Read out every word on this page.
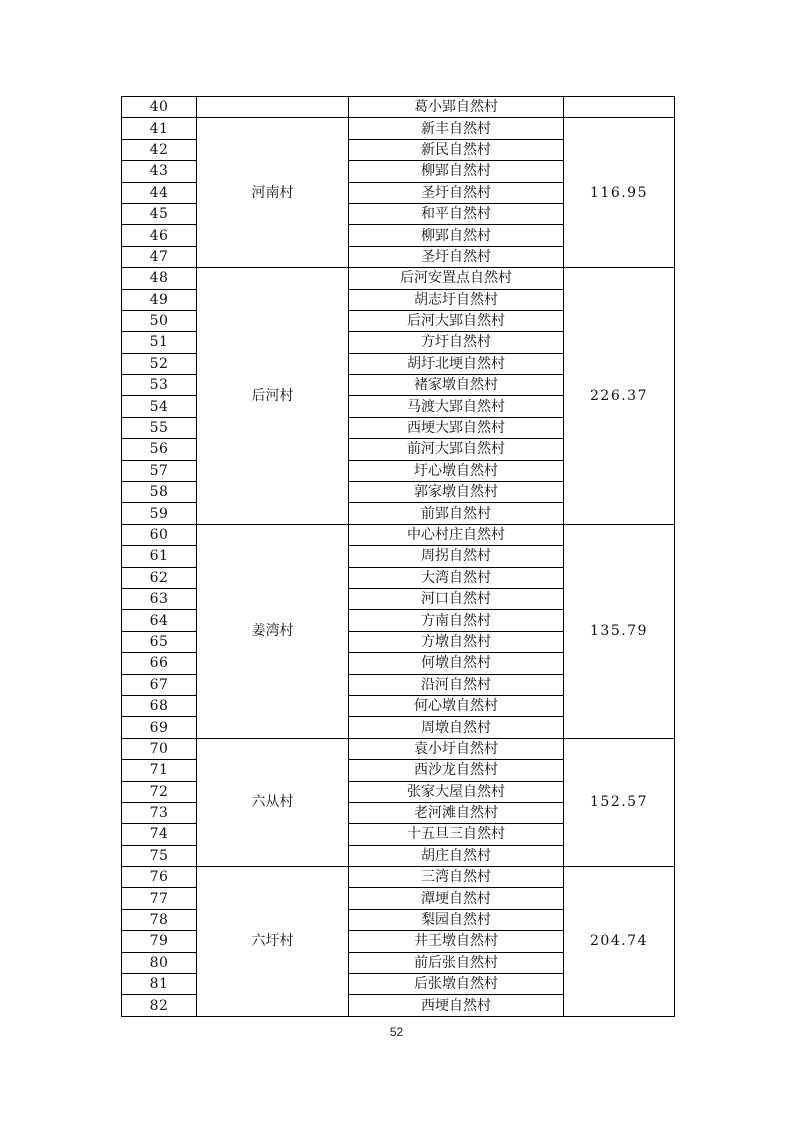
40		葛小郢自然村	
41	河南村	新丰自然村	116.95
42		新民自然村	
43		柳郢自然村	
44		圣圩自然村	
45		和平自然村	
46		柳郢自然村	
47		圣圩自然村	
48	后河村	后河安置点自然村	226.37
49		胡志圩自然村	
50		后河大郢自然村	
51		方圩自然村	
52		胡圩北埂自然村	
53		褚家墩自然村	
54		马渡大郢自然村	
55		西埂大郢自然村	
56		前河大郢自然村	
57		圩心墩自然村	
58		郭家墩自然村	
59		前郢自然村	
60	姜湾村	中心村庄自然村	135.79
61		周拐自然村	
62		大湾自然村	
63		河口自然村	
64		方南自然村	
65		方墩自然村	
66		何墩自然村	
67		沿河自然村	
68		何心墩自然村	
69		周墩自然村	
70	六从村	袁小圩自然村	152.57
71		西沙龙自然村	
72		张家大屋自然村	
73		老河滩自然村	
74		十五旦三自然村	
75		胡庄自然村	
76	六圩村	三湾自然村	204.74
77		潭埂自然村	
78		梨园自然村	
79		井王墩自然村	
80		前后张自然村	
81		后张墩自然村	
82		西埂自然村	
52
